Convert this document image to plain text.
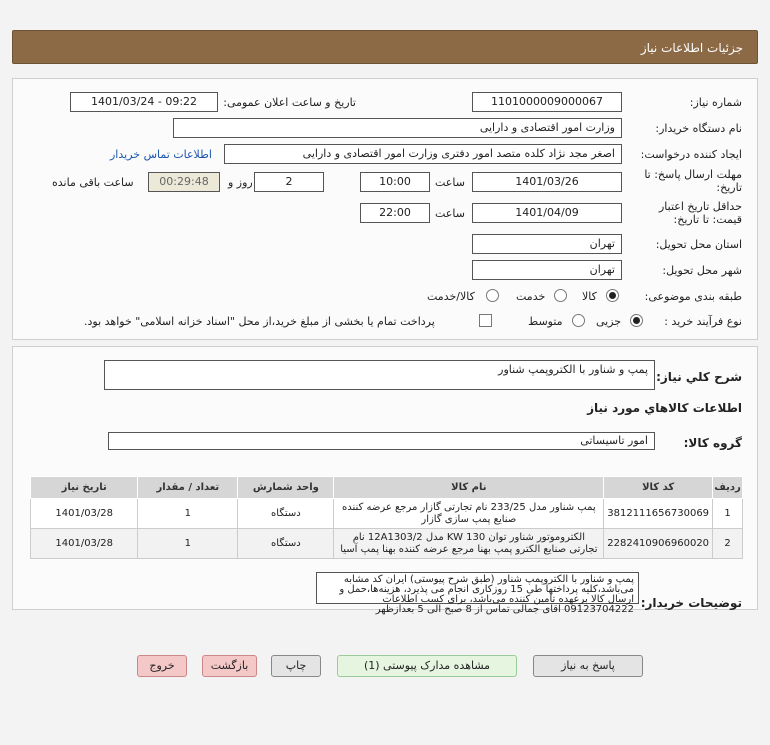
جزئیات اطلاعات نیاز
شماره نیاز:
1101000009000067
تاریخ و ساعت اعلان عمومی:
1401/03/24 - 09:22
نام دستگاه خریدار:
وزارت امور اقتصادی و دارایی
ایجاد کننده درخواست:
اصغر مجد نژاد کلده متصد امور دفتری وزارت امور اقتصادی و دارایی
اطلاعات تماس خریدار
مهلت ارسال پاسخ: تا تاریخ:
1401/03/26
ساعت
10:00
2
روز و
00:29:48
ساعت باقی مانده
حداقل تاریخ اعتبار قیمت: تا تاریخ:
1401/04/09
ساعت
22:00
استان محل تحویل:
تهران
شهر محل تحویل:
تهران
طبقه بندی موضوعی:
کالا
خدمت
کالا/خدمت
نوع فرآیند خرید :
جزیی
متوسط
پرداخت تمام یا بخشی از مبلغ خرید،از محل "اسناد خزانه اسلامی" خواهد بود.
شرح کلي نياز:
پمپ و شناور با الکتروپمپ شناور
اطلاعات کالاهاي مورد نياز
گروه کالا:
امور تاسیساتی
ردیف	کد کالا	نام کالا	واحد شمارش	تعداد / مقدار	تاریخ نیاز
1	3812111656730069	پمپ شناور مدل 233/25 نام تجارتی گازار مرجع عرضه کننده صنایع پمپ سازی گازار	دستگاه	1	1401/03/28
2	2282410906960020	الکتروموتور شناور توان 130 KW مدل 12A1303/2 نام تجارتی صنایع الکترو پمپ بهنا مرجع عرضه کننده بهنا پمپ آسیا	دستگاه	1	1401/03/28
توضیحات خریدار:
پمپ و شناور با الکتروپمپ شناور (طبق شرح پیوستی) ایران کد مشابه می‌باشد،کلیه پرداختها طی 15 روزکاری انجام می پذیرد، هزینه‌ها،حمل و ارسال کالا برعهده تامین کننده می‌باشد، برای کسب اطلاعات 09123704222 اقای جمالی تماس از 8 صبح الی 5 بعدازظهر
پاسخ به نیاز
مشاهده مدارک پیوستی (1)
چاپ
بازگشت
خروج
